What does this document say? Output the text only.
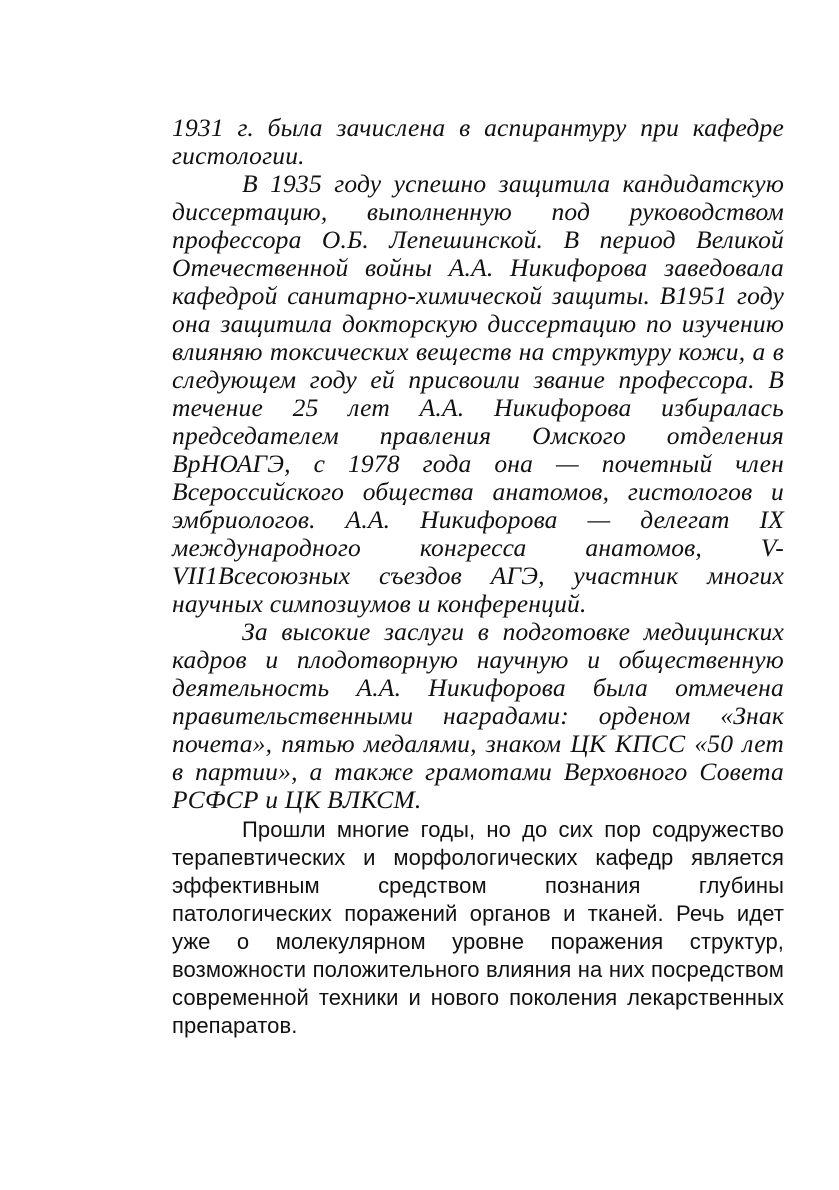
1931 г. была зачислена в аспирантуру при кафедре гистологии.

В 1935 году успешно защитила кандидатскую диссертацию, выполненную под руководством профессора О.Б. Лепешинской. В период Великой Отечественной войны А.А. Никифорова заведовала кафедрой санитарно-химической защиты. В1951 году она защитила докторскую диссертацию по изучению влияняю токсических веществ на структуру кожи, а в следующем году ей присвоили звание профессора. В течение 25 лет А.А. Никифорова избиралась председателем правления Омского отделения ВрНОАГЭ, с 1978 года она — почетный член Всероссийского общества анатомов, гистологов и эмбриологов. А.А. Никифорова — делегат IX международного конгресса анатомов, V-VII1Всесоюзных съездов АГЭ, участник многих научных симпозиумов и конференций.

За высокие заслуги в подготовке медицинских кадров и плодотворную научную и общественную деятельность А.А. Никифорова была отмечена правительственными наградами: орденом «Знак почета», пятью медалями, знаком ЦК КПСС «50 лет в партии», а также грамотами Верховного Совета РСФСР и ЦК ВЛКСМ.

Прошли многие годы, но до сих пор содружество терапевтических и морфологических кафедр является эффективным средством познания глубины патологических поражений органов и тканей. Речь идет уже о молекулярном уровне поражения структур, возможности положительного влияния на них посредством современной техники и нового поколения лекарственных препаратов.
